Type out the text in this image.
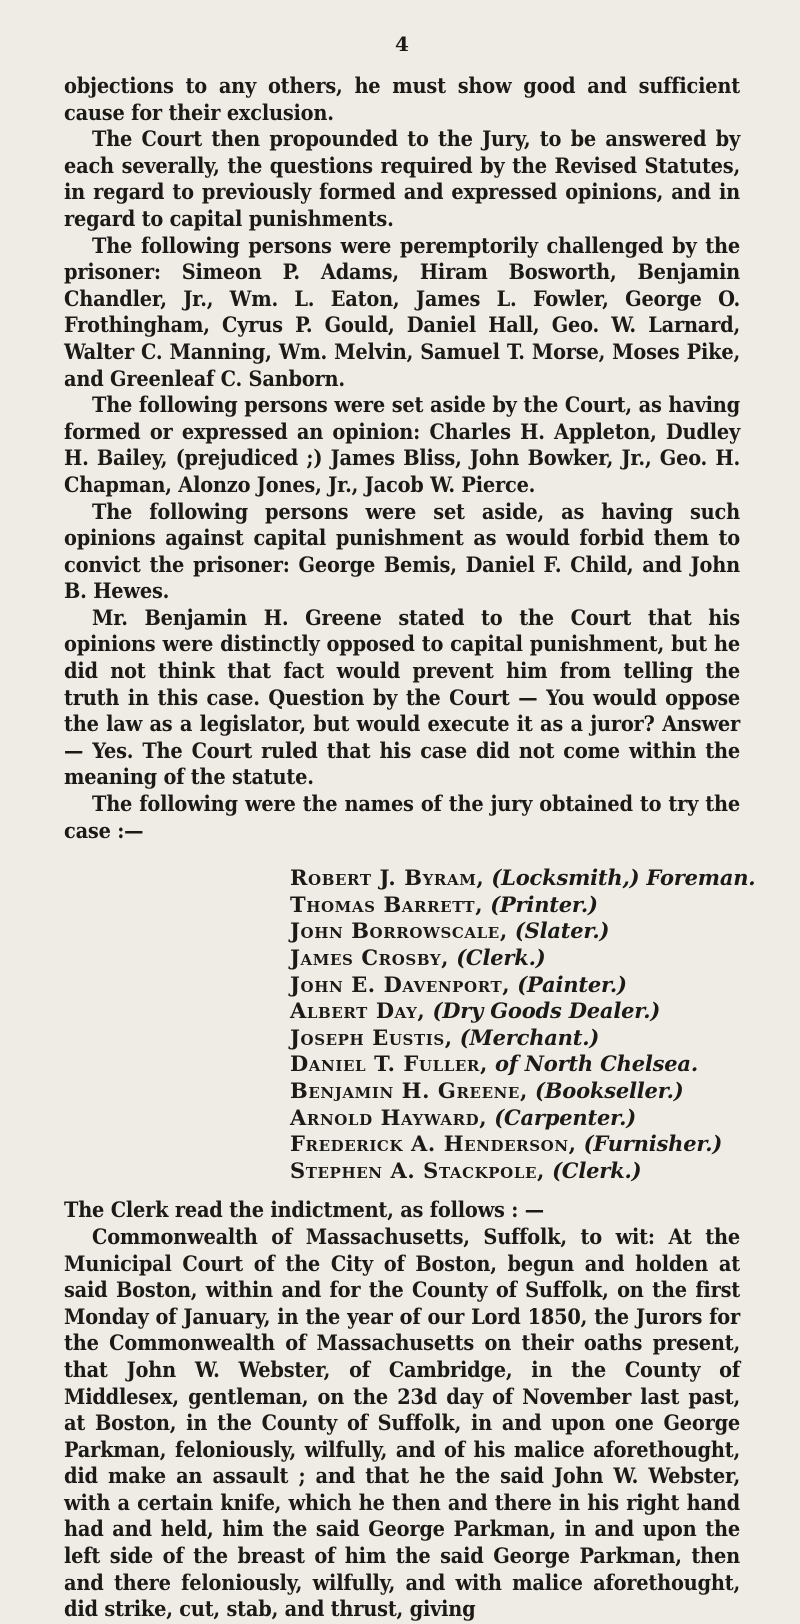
4

objections to any others, he must show good and sufficient cause for their exclusion.

The Court then propounded to the Jury, to be answered by each severally, the questions required by the Revised Statutes, in regard to previously formed and expressed opinions, and in regard to capital punishments.

The following persons were peremptorily challenged by the prisoner: Simeon P. Adams, Hiram Bosworth, Benjamin Chandler, Jr., Wm. L. Eaton, James L. Fowler, George O. Frothingham, Cyrus P. Gould, Daniel Hall, Geo. W. Larnard, Walter C. Manning, Wm. Melvin, Samuel T. Morse, Moses Pike, and Greenleaf C. Sanborn.

The following persons were set aside by the Court, as having formed or expressed an opinion: Charles H. Appleton, Dudley H. Bailey, (prejudiced ;) James Bliss, John Bowker, Jr., Geo. H. Chapman, Alonzo Jones, Jr., Jacob W. Pierce.

The following persons were set aside, as having such opinions against capital punishment as would forbid them to convict the prisoner: George Bemis, Daniel F. Child, and John B. Hewes.

Mr. Benjamin H. Greene stated to the Court that his opinions were distinctly opposed to capital punishment, but he did not think that fact would prevent him from telling the truth in this case. Question by the Court — You would oppose the law as a legislator, but would execute it as a juror? Answer — Yes. The Court ruled that his case did not come within the meaning of the statute.

The following were the names of the jury obtained to try the case :—

Robert J. Byram, (Locksmith,) Foreman.
Thomas Barrett, (Printer.)
John Borrowscale, (Slater.)
James Crosby, (Clerk.)
John E. Davenport, (Painter.)
Albert Day, (Dry Goods Dealer.)
Joseph Eustis, (Merchant.)
Daniel T. Fuller, of North Chelsea.
Benjamin H. Greene, (Bookseller.)
Arnold Hayward, (Carpenter.)
Frederick A. Henderson, (Furnisher.)
Stephen A. Stackpole, (Clerk.)

The Clerk read the indictment, as follows : —

Commonwealth of Massachusetts, Suffolk, to wit: At the Municipal Court of the City of Boston, begun and holden at said Boston, within and for the County of Suffolk, on the first Monday of January, in the year of our Lord 1850, the Jurors for the Commonwealth of Massachusetts on their oaths present, that John W. Webster, of Cambridge, in the County of Middlesex, gentleman, on the 23d day of November last past, at Boston, in the County of Suffolk, in and upon one George Parkman, feloniously, wilfully, and of his malice aforethought, did make an assault ; and that he the said John W. Webster, with a certain knife, which he then and there in his right hand had and held, him the said George Parkman, in and upon the left side of the breast of him the said George Parkman, then and there feloniously, wilfully, and with malice aforethought, did strike, cut, stab, and thrust, giving
